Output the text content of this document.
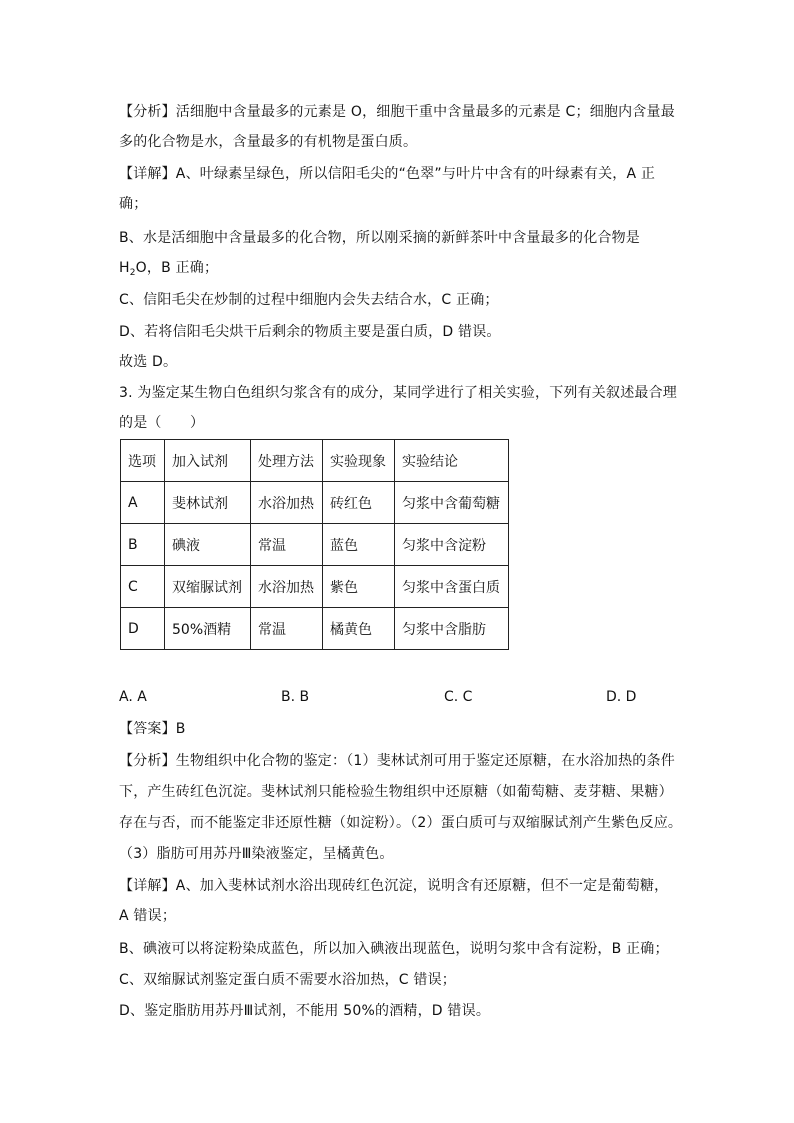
【分析】活细胞中含量最多的元素是 O，细胞干重中含量最多的元素是 C；细胞内含量最
多的化合物是水，含量最多的有机物是蛋白质。
【详解】A、叶绿素呈绿色，所以信阳毛尖的“色翠”与叶片中含有的叶绿素有关，A 正
确；
B、水是活细胞中含量最多的化合物，所以刚采摘的新鲜茶叶中含量最多的化合物是
$H_2O$，B 正确；
C、信阳毛尖在炒制的过程中细胞内会失去结合水，C 正确；
D、若将信阳毛尖烘干后剩余的物质主要是蛋白质，D 错误。
故选 D。
3. 为鉴定某生物白色组织匀浆含有的成分，某同学进行了相关实验，下列有关叙述最合理
的是（　　）
选项	加入试剂	处理方法	实验现象	实验结论
A	斐林试剂	水浴加热	砖红色	匀浆中含葡萄糖
B	碘液	常温	蓝色	匀浆中含淀粉
C	双缩脲试剂	水浴加热	紫色	匀浆中含蛋白质
D	50%酒精	常温	橘黄色	匀浆中含脂肪
A. A	B. B	C. C	D. D
【答案】B
【分析】生物组织中化合物的鉴定：（1）斐林试剂可用于鉴定还原糖，在水浴加热的条件
下，产生砖红色沉淀。斐林试剂只能检验生物组织中还原糖（如葡萄糖、麦芽糖、果糖）
存在与否，而不能鉴定非还原性糖（如淀粉）。（2）蛋白质可与双缩脲试剂产生紫色反应。
（3）脂肪可用苏丹Ⅲ染液鉴定，呈橘黄色。
【详解】A、加入斐林试剂水浴出现砖红色沉淀，说明含有还原糖，但不一定是葡萄糖，
A 错误；
B、碘液可以将淀粉染成蓝色，所以加入碘液出现蓝色，说明匀浆中含有淀粉，B 正确；
C、双缩脲试剂鉴定蛋白质不需要水浴加热，C 错误；
D、鉴定脂肪用苏丹Ⅲ试剂，不能用 50%的酒精，D 错误。
